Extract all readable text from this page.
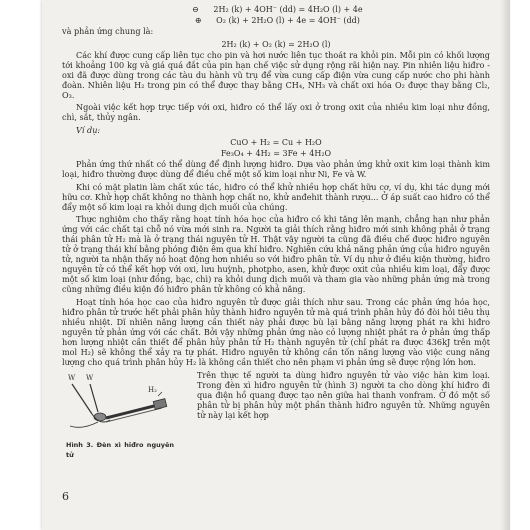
⊖	2H₂ (k) + 4OH⁻ (dd) = 4H₂O (l) + 4e
⊕	O₂ (k) + 2H₂O (l) + 4e = 4OH⁻ (dd)

và phản ứng chung là:

2H₂ (k) + O₂ (k) = 2H₂O (l)

Các khí được cung cấp liên tục cho pin và hơi nước liên tục thoát ra khỏi pin. Mỗi pin có khối lượng tới khoảng 100 kg và giá quá đắt của pin hạn chế việc sử dụng rộng rãi hiện nay. Pin nhiên liệu hiđro - oxi đã được dùng trong các tàu du hành vũ trụ để vừa cung cấp điện vừa cung cấp nước cho phi hành đoàn. Nhiên liệu H₂ trong pin có thể được thay bằng CH₄, NH₃ và chất oxi hóa O₂ được thay bằng Cl₂, O₃.

Ngoài việc kết hợp trực tiếp với oxi, hiđro có thể lấy oxi ở trong oxit của nhiều kim loại như đồng, chì, sắt, thủy ngân.

Ví dụ:
CuO + H₂ = Cu + H₂O
Fe₃O₄ + 4H₂ = 3Fe + 4H₂O

Phản ứng thứ nhất có thể dùng để định lượng hiđro. Dựa vào phản ứng khử oxit kim loại thành kim loại, hiđro thường được dùng để điều chế một số kim loại như Ni, Fe và W.

Khi có mặt platin làm chất xúc tác, hiđro có thể khử nhiều hợp chất hữu cơ, ví dụ, khi tác dụng mới hữu cơ. Khử hợp chất không no thành hợp chất no, khử anđehit thành rượu... Ở áp suất cao hiđro có thể đẩy một số kim loại ra khỏi dung dịch muối của chúng.

Thực nghiệm cho thấy rằng hoạt tính hóa học của hiđro có khi tăng lên mạnh, chẳng hạn như phản ứng với các chất tại chỗ nó vừa mới sinh ra. Người ta giải thích rằng hiđro mới sinh không phải ở trạng thái phân tử H₂ mà là ở trạng thái nguyên tử H. Thật vậy người ta cũng đã điều chế được hiđro nguyên tử ở trạng thái khí bằng phóng điện êm qua khí hiđro. Nghiên cứu khả năng phản ứng của hiđro nguyên tử, người ta nhận thấy nó hoạt động hơn nhiều so với hiđro phân tử. Ví dụ như ở điều kiện thường, hiđro nguyên tử có thể kết hợp với oxi, lưu huỳnh, photpho, asen, khử được oxit của nhiều kim loại, đẩy được một số kim loại (như đồng, bạc, chì) ra khỏi dung dịch muối và tham gia vào những phản ứng mà trong cũng những điều kiện đó hiđro phân tử không có khả năng.

Hoạt tính hóa học cao của hiđro nguyên tử được giải thích như sau. Trong các phản ứng hóa học, hiđro phân tử trước hết phải phân hủy thành hiđro nguyên tử mà quá trình phân hủy đó đòi hỏi tiêu thụ nhiều nhiệt. Dĩ nhiên năng lượng cần thiết này phải được bù lại bằng năng lượng phát ra khi hiđro nguyên tử phản ứng với các chất. Bởi vậy những phản ứng nào có lượng nhiệt phát ra ở phản ứng thấp hơn lượng nhiệt cần thiết để phân hủy phân tử H₂ thành nguyên tử (chỉ phát ra được 436kJ trên một mol H₂) sẽ không thể xảy ra tự phát. Hiđro nguyên tử không cần tốn năng lượng vào việc cung năng lượng cho quá trình phân hủy H₂ là không cần thiết cho nên phạm vi phản ứng sẽ được rộng lớn hơn.

W W
H₂
Hình 3. Đèn xì hiđro nguyên tử
Trên thực tế người ta dùng hiđro nguyên tử vào việc hàn kim loại. Trong đèn xì hiđro nguyên tử (hình 3) người ta cho dòng khí hiđro đi qua điện hồ quang được tạo nên giữa hai thanh vonfram. Ở đó một số phân tử bị phân hủy một phần thành hiđro nguyên tử. Những nguyên tử này lại kết hợp
6
